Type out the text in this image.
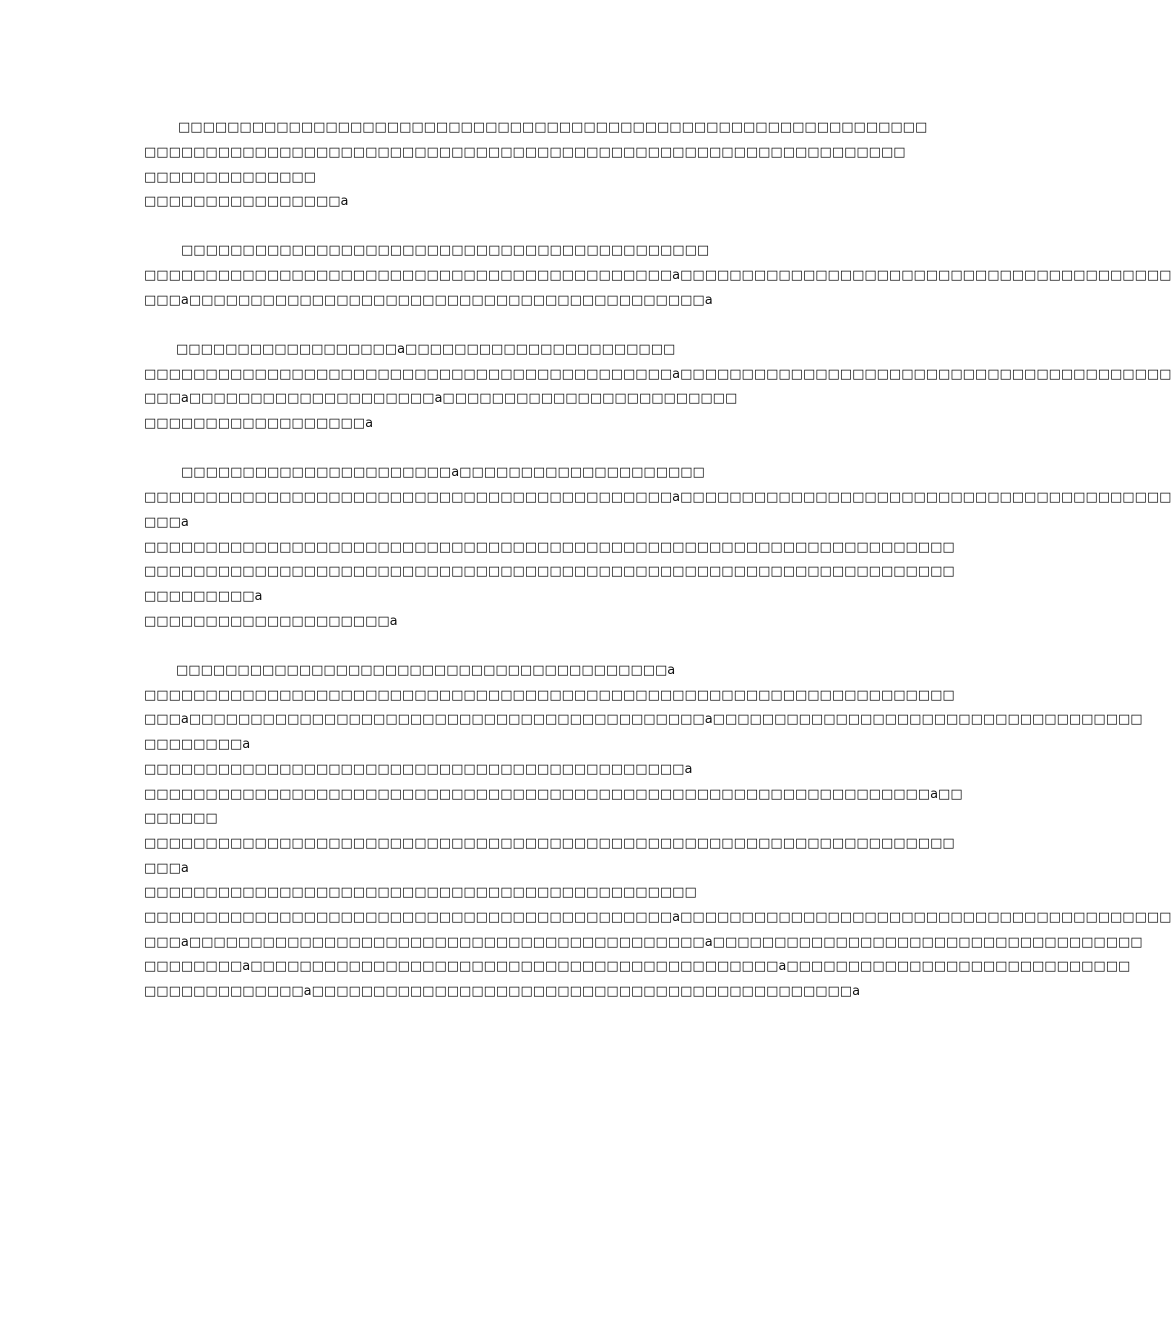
□□□□□□□□□□□□□□□□□□□□□□□□□□□□□□□□□□□□□□□□□□□□□□□□□□□□□□□□□□□□□
□□□□□□□□□□□□□□□□□□□□□□□□□□□□□□□□□□□□□□□□□□□□□□□□□□□□□□□□□□□□□□
□□□□□□□□□□□□□□
□□□□□□□□□□□□□□□□a
□□□□□□□□□□□□□□□□□□□□□□□□□□□□□□□□□□□□□□□□□□□
□□□□□□□□□□□□□□□□□□□□□□□□□□□□□□□□□□□□□□□□□□□a□□□□□□□□□□□□□□□□□□□□□□□□□□□□□□□□□□□□□□□□
□□□a□□□□□□□□□□□□□□□□□□□□□□□□□□□□□□□□□□□□□□□□□□a
□□□□□□□□□□□□□□□□□□a□□□□□□□□□□□□□□□□□□□□□□
□□□□□□□□□□□□□□□□□□□□□□□□□□□□□□□□□□□□□□□□□□□a□□□□□□□□□□□□□□□□□□□□□□□□□□□□□□□□□□□□□□□□
□□□a□□□□□□□□□□□□□□□□□□□□a□□□□□□□□□□□□□□□□□□□□□□□□
□□□□□□□□□□□□□□□□□□a
□□□□□□□□□□□□□□□□□□□□□□a□□□□□□□□□□□□□□□□□□□□
□□□□□□□□□□□□□□□□□□□□□□□□□□□□□□□□□□□□□□□□□□□a□□□□□□□□□□□□□□□□□□□□□□□□□□□□□□□□□□□□□□□□
□□□a
□□□□□□□□□□□□□□□□□□□□□□□□□□□□□□□□□□□□□□□□□□□□□□□□□□□□□□□□□□□□□□□□□□
□□□□□□□□□□□□□□□□□□□□□□□□□□□□□□□□□□□□□□□□□□□□□□□□□□□□□□□□□□□□□□□□□□
□□□□□□□□□a
□□□□□□□□□□□□□□□□□□□□a
□□□□□□□□□□□□□□□□□□□□□□□□□□□□□□□□□□□□□□□□a
□□□□□□□□□□□□□□□□□□□□□□□□□□□□□□□□□□□□□□□□□□□□□□□□□□□□□□□□□□□□□□□□□□
□□□a□□□□□□□□□□□□□□□□□□□□□□□□□□□□□□□□□□□□□□□□□□a□□□□□□□□□□□□□□□□□□□□□□□□□□□□□□□□□□□
□□□□□□□□a
□□□□□□□□□□□□□□□□□□□□□□□□□□□□□□□□□□□□□□□□□□□□a
□□□□□□□□□□□□□□□□□□□□□□□□□□□□□□□□□□□□□□□□□□□□□□□□□□□□□□□□□□□□□□□□a□□
□□□□□□
□□□□□□□□□□□□□□□□□□□□□□□□□□□□□□□□□□□□□□□□□□□□□□□□□□□□□□□□□□□□□□□□□□
□□□a
□□□□□□□□□□□□□□□□□□□□□□□□□□□□□□□□□□□□□□□□□□□□□
□□□□□□□□□□□□□□□□□□□□□□□□□□□□□□□□□□□□□□□□□□□a□□□□□□□□□□□□□□□□□□□□□□□□□□□□□□□□□□□□□□□□
□□□a□□□□□□□□□□□□□□□□□□□□□□□□□□□□□□□□□□□□□□□□□□a□□□□□□□□□□□□□□□□□□□□□□□□□□□□□□□□□□□
□□□□□□□□a□□□□□□□□□□□□□□□□□□□□□□□□□□□□□□□□□□□□□□□□□□□a□□□□□□□□□□□□□□□□□□□□□□□□□□□□
□□□□□□□□□□□□□a□□□□□□□□□□□□□□□□□□□□□□□□□□□□□□□□□□□□□□□□□□□□a
